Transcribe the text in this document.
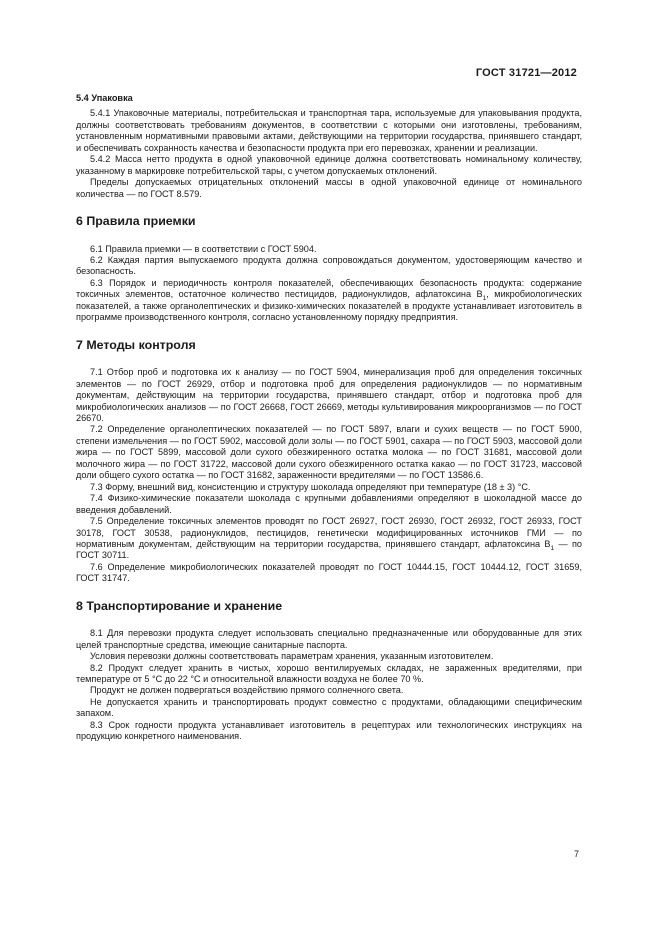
ГОСТ 31721—2012
5.4 Упаковка

5.4.1 Упаковочные материалы, потребительская и транспортная тара, используемые для упаковывания продукта, должны соответствовать требованиям документов, в соответствии с которыми они изготовлены, требованиям, установленным нормативными правовыми актами, действующими на территории государства, принявшего стандарт, и обеспечивать сохранность качества и безопасности продукта при его перевозках, хранении и реализации.

5.4.2 Масса нетто продукта в одной упаковочной единице должна соответствовать номинальному количеству, указанному в маркировке потребительской тары, с учетом допускаемых отклонений.

Пределы допускаемых отрицательных отклонений массы в одной упаковочной единице от номинального количества — по ГОСТ 8.579.

6 Правила приемки

6.1 Правила приемки — в соответствии с ГОСТ 5904.

6.2 Каждая партия выпускаемого продукта должна сопровождаться документом, удостоверяющим качество и безопасность.

6.3 Порядок и периодичность контроля показателей, обеспечивающих безопасность продукта: содержание токсичных элементов, остаточное количество пестицидов, радионуклидов, афлатоксина $B_1$, микробиологических показателей, а также органолептических и физико-химических показателей в продукте устанавливает изготовитель в программе производственного контроля, согласно установленному порядку предприятия.

7 Методы контроля

7.1 Отбор проб и подготовка их к анализу — по ГОСТ 5904, минерализация проб для определения токсичных элементов — по ГОСТ 26929, отбор и подготовка проб для определения радионуклидов — по нормативным документам, действующим на территории государства, принявшего стандарт, отбор и подготовка проб для микробиологических анализов — по ГОСТ 26668, ГОСТ 26669, методы культивирования микроорганизмов — по ГОСТ 26670.

7.2 Определение органолептических показателей — по ГОСТ 5897, влаги и сухих веществ — по ГОСТ 5900, степени измельчения — по ГОСТ 5902, массовой доли золы — по ГОСТ 5901, сахара — по ГОСТ 5903, массовой доли жира — по ГОСТ 5899, массовой доли сухого обезжиренного остатка молока — по ГОСТ 31681, массовой доли молочного жира — по ГОСТ 31722, массовой доли сухого обезжиренного остатка какао — по ГОСТ 31723, массовой доли общего сухого остатка — по ГОСТ 31682, зараженности вредителями — по ГОСТ 13586.6.

7.3 Форму, внешний вид, консистенцию и структуру шоколада определяют при температуре (18 ± 3) °С.

7.4 Физико-химические показатели шоколада с крупными добавлениями определяют в шоколадной массе до введения добавлений.

7.5 Определение токсичных элементов проводят по ГОСТ 26927, ГОСТ 26930, ГОСТ 26932, ГОСТ 26933, ГОСТ 30178, ГОСТ 30538, радионуклидов, пестицидов, генетически модифицированных источников ГМИ — по нормативным документам, действующим на территории государства, принявшего стандарт, афлатоксина $B_1$ — по ГОСТ 30711.

7.6 Определение микробиологических показателей проводят по ГОСТ 10444.15, ГОСТ 10444.12, ГОСТ 31659, ГОСТ 31747.

8 Транспортирование и хранение

8.1 Для перевозки продукта следует использовать специально предназначенные или оборудованные для этих целей транспортные средства, имеющие санитарные паспорта.

Условия перевозки должны соответствовать параметрам хранения, указанным изготовителем.

8.2 Продукт следует хранить в чистых, хорошо вентилируемых складах, не зараженных вредителями, при температуре от 5 °С до 22 °С и относительной влажности воздуха не более 70 %.

Продукт не должен подвергаться воздействию прямого солнечного света.

Не допускается хранить и транспортировать продукт совместно с продуктами, обладающими специфическим запахом.

8.3 Срок годности продукта устанавливает изготовитель в рецептурах или технологических инструкциях на продукцию конкретного наименования.

7
